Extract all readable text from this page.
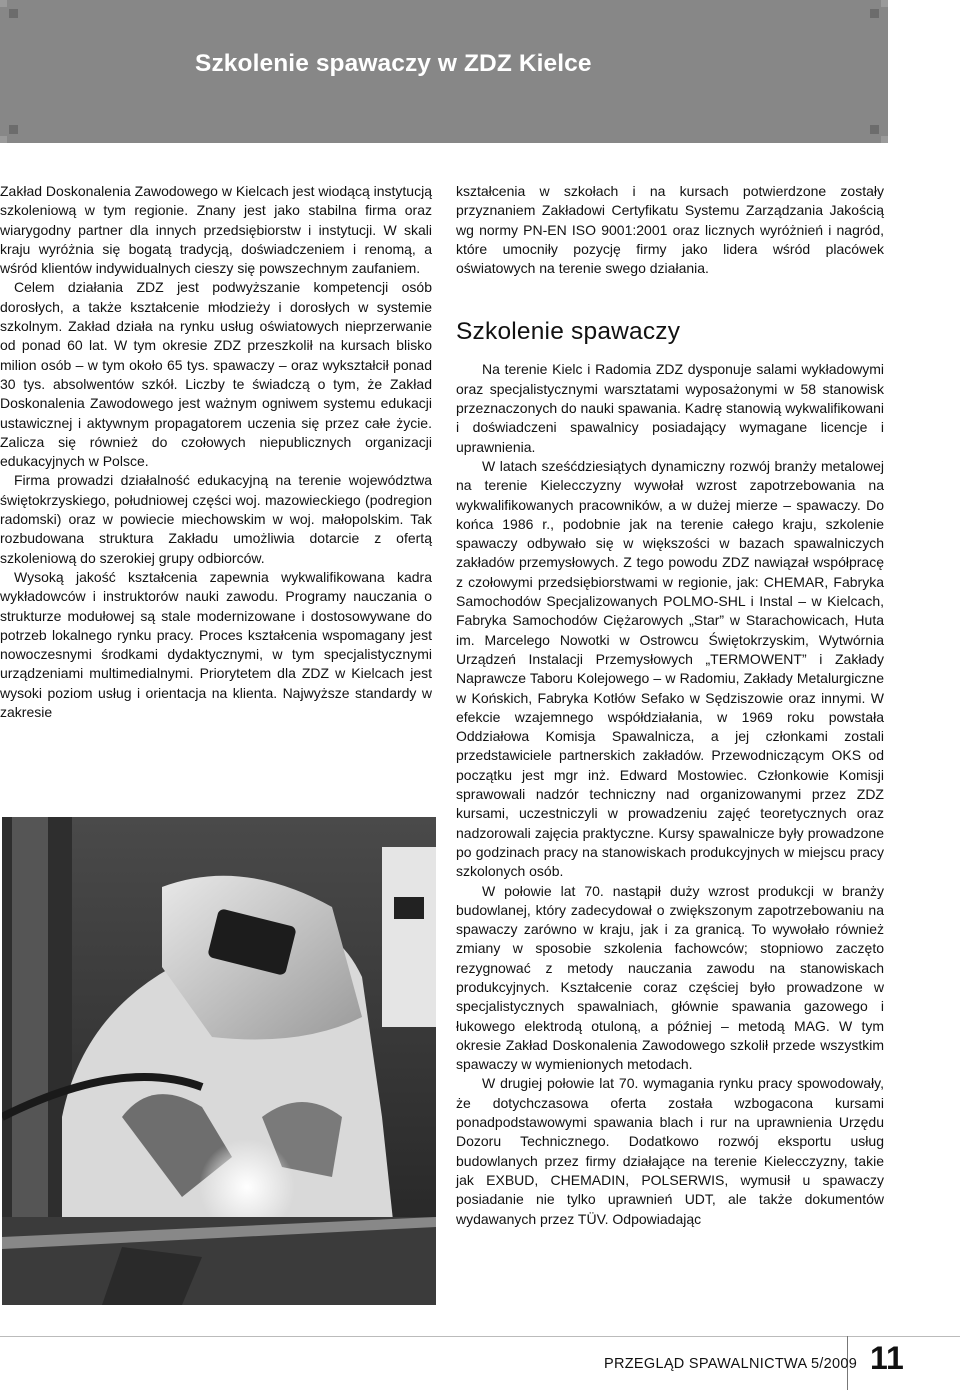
Szkolenie spawaczy w ZDZ Kielce

Zakład Doskonalenia Zawodowego w Kielcach jest wiodącą instytucją szkoleniową w tym regionie. Znany jest jako stabilna firma oraz wiarygodny partner dla innych przedsiębiorstw i instytucji. W skali kraju wyróżnia się bogatą tradycją, doświadczeniem i renomą, a wśród klientów indywidualnych cieszy się powszechnym zaufaniem.

Celem działania ZDZ jest podwyższanie kompetencji osób dorosłych, a także kształcenie młodzieży i dorosłych w systemie szkolnym. Zakład działa na rynku usług oświatowych nieprzerwanie od ponad 60 lat. W tym okresie ZDZ przeszkolił na kursach blisko milion osób – w tym około 65 tys. spawaczy – oraz wykształcił ponad 30 tys. absolwentów szkół. Liczby te świadczą o tym, że Zakład Doskonalenia Zawodowego jest ważnym ogniwem systemu edukacji ustawicznej i aktywnym propagatorem uczenia się przez całe życie. Zalicza się również do czołowych niepublicznych organizacji edukacyjnych w Polsce.

Firma prowadzi działalność edukacyjną na terenie województwa świętokrzyskiego, południowej części woj. mazowieckiego (podregion radomski) oraz w powiecie miechowskim w woj. małopolskim. Tak rozbudowana struktura Zakładu umożliwia dotarcie z ofertą szkoleniową do szerokiej grupy odbiorców.

Wysoką jakość kształcenia zapewnia wykwalifikowana kadra wykładowców i instruktorów nauki zawodu. Programy nauczania o strukturze modułowej są stale modernizowane i dostosowywane do potrzeb lokalnego rynku pracy. Proces kształcenia wspomagany jest nowoczesnymi środkami dydaktycznymi, w tym specjalistycznymi urządzeniami multimedialnymi. Priorytetem dla ZDZ w Kielcach jest wysoki poziom usług i orientacja na klienta. Najwyższe standardy w zakresie

kształcenia w szkołach i na kursach potwierdzone zostały przyznaniem Zakładowi Certyfikatu Systemu Zarządzania Jakością wg normy PN-EN ISO 9001:2001 oraz licznych wyróżnień i nagród, które umocniły pozycję firmy jako lidera wśród placówek oświatowych na terenie swego działania.

Szkolenie spawaczy

Na terenie Kielc i Radomia ZDZ dysponuje salami wykładowymi oraz specjalistycznymi warsztatami wyposażonymi w 58 stanowisk przeznaczonych do nauki spawania. Kadrę stanowią wykwalifikowani i doświadczeni spawalnicy posiadający wymagane licencje i uprawnienia.

W latach sześćdziesiątych dynamiczny rozwój branży metalowej na terenie Kielecczyzny wywołał wzrost zapotrzebowania na wykwalifikowanych pracowników, a w dużej mierze – spawaczy. Do końca 1986 r., podobnie jak na terenie całego kraju, szkolenie spawaczy odbywało się w większości w bazach spawalniczych zakładów przemysłowych. Z tego powodu ZDZ nawiązał współpracę z czołowymi przedsiębiorstwami w regionie, jak: CHEMAR, Fabryka Samochodów Specjalizowanych POLMO-SHL i Instal – w Kielcach, Fabryka Samochodów Ciężarowych „Star” w Starachowicach, Huta im. Marcelego Nowotki w Ostrowcu Świętokrzyskim, Wytwórnia Urządzeń Instalacji Przemysłowych „TERMOWENT” i Zakłady Naprawcze Taboru Kolejowego – w Radomiu, Zakłady Metalurgiczne w Końskich, Fabryka Kotłów Sefako w Sędziszowie oraz innymi. W efekcie wzajemnego współdziałania, w 1969 roku powstała Oddziałowa Komisja Spawalnicza, a jej członkami zostali przedstawiciele partnerskich zakładów. Przewodniczącym OKS od początku jest mgr inż. Edward Mostowiec. Członkowie Komisji sprawowali nadzór techniczny nad organizowanymi przez ZDZ kursami, uczestniczyli w prowadzeniu zajęć teoretycznych oraz nadzorowali zajęcia praktyczne. Kursy spawalnicze były prowadzone po godzinach pracy na stanowiskach produkcyjnych w miejscu pracy szkolonych osób.

W połowie lat 70. nastąpił duży wzrost produkcji w branży budowlanej, który zadecydował o zwiększonym zapotrzebowaniu na spawaczy zarówno w kraju, jak i za granicą. To wywołało również zmiany w sposobie szkolenia fachowców; stopniowo zaczęto rezygnować z metody nauczania zawodu na stanowiskach produkcyjnych. Kształcenie coraz częściej było prowadzone w specjalistycznych spawalniach, głównie spawania gazowego i łukowego elektrodą otuloną, a później – metodą MAG. W tym okresie Zakład Doskonalenia Zawodowego szkolił przede wszystkim spawaczy w wymienionych metodach.

W drugiej połowie lat 70. wymagania rynku pracy spowodowały, że dotychczasowa oferta została wzbogacona kursami ponadpodstawowymi spawania blach i rur na uprawnienia Urzędu Dozoru Technicznego. Dodatkowo rozwój eksportu usług budowlanych przez firmy działające na terenie Kielecczyzny, takie jak EXBUD, CHEMADIN, POLSERWIS, wymusił u spawaczy posiadanie nie tylko uprawnień UDT, ale także dokumentów wydawanych przez TÜV. Odpowiadając

PRZEGLĄD SPAWALNICTWA 5/2009 11
